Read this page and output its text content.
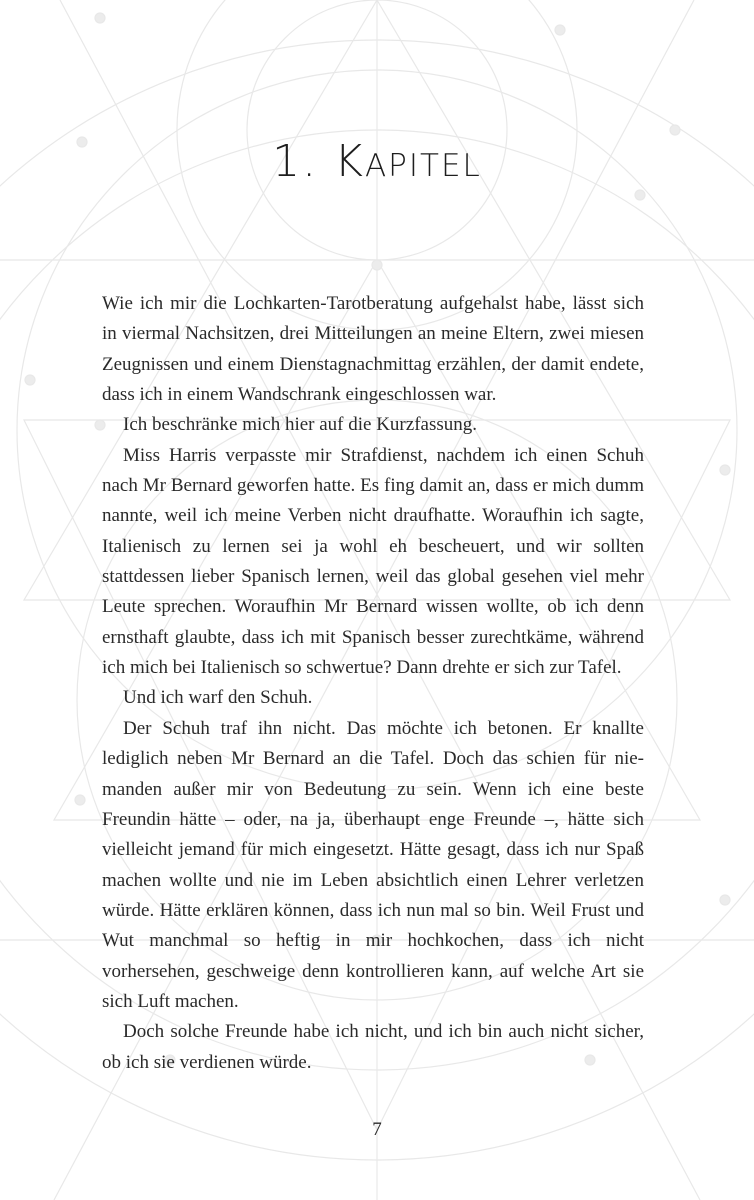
1. Kapitel

Wie ich mir die Lochkarten-Tarotberatung aufgehalst habe, lässt sich in viermal Nachsitzen, drei Mitteilungen an meine Eltern, zwei miesen Zeugnissen und einem Dienstagnachmittag erzählen, der damit endete, dass ich in einem Wandschrank eingeschlossen war.

Ich beschränke mich hier auf die Kurzfassung.

Miss Harris verpasste mir Strafdienst, nachdem ich einen Schuh nach Mr Bernard geworfen hatte. Es fing damit an, dass er mich dumm nannte, weil ich meine Verben nicht draufhatte. Woraufhin ich sagte, Italienisch zu lernen sei ja wohl eh bescheuert, und wir sollten stattdessen lieber Spanisch lernen, weil das global gesehen viel mehr Leute sprechen. Woraufhin Mr Bernard wissen wollte, ob ich denn ernsthaft glaubte, dass ich mit Spanisch besser zurechtkäme, während ich mich bei Italienisch so schwertue? Dann drehte er sich zur Tafel.

Und ich warf den Schuh.

Der Schuh traf ihn nicht. Das möchte ich betonen. Er knallte lediglich neben Mr Bernard an die Tafel. Doch das schien für niemanden außer mir von Bedeutung zu sein. Wenn ich eine beste Freundin hätte – oder, na ja, überhaupt enge Freunde –, hätte sich vielleicht jemand für mich eingesetzt. Hätte gesagt, dass ich nur Spaß machen wollte und nie im Leben absichtlich einen Lehrer verletzen würde. Hätte erklären können, dass ich nun mal so bin. Weil Frust und Wut manchmal so heftig in mir hochkochen, dass ich nicht vorhersehen, geschweige denn kontrollieren kann, auf welche Art sie sich Luft machen.

Doch solche Freunde habe ich nicht, und ich bin auch nicht sicher, ob ich sie verdienen würde.

7
